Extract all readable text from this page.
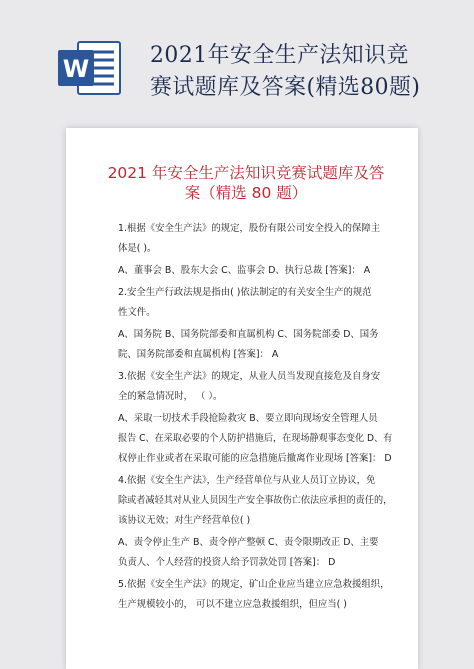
W	2021年安全生产法知识竞
赛试题库及答案(精选80题)
2021 年安全生产法知识竞赛试题库及答
案（精选 80 题）
1.根据《安全生产法》的规定，股份有限公司安全投入的保障主
体是( )。
A、董事会 B、股东大会 C、监事会 D、执行总裁 [答案]： A
2.安全生产行政法规是指由( )依法制定的有关安全生产的规范
性文件。
A、国务院 B、国务院部委和直属机构 C、国务院部委 D、国务
院、国务院部委和直属机构 [答案]： A
3.依据《安全生产法》的规定，从业人员当发现直接危及自身安
全的紧急情况时， （ ）。
A、采取一切技术手段抢险救灾 B、要立即向现场安全管理人员
报告 C、在采取必要的个人防护措施后，在现场静观事态变化 D、有
权停止作业或者在采取可能的应急措施后撤离作业现场 [答案]： D
4.依据《安全生产法》，生产经营单位与从业人员订立协议，免
除或者减轻其对从业人员因生产安全事故伤亡依法应承担的责任的，
该协议无效；对生产经营单位( )
A、责令停止生产 B、责令停产整顿 C、责令限期改正 D、主要
负责人、个人经营的投资人给予罚款处罚 [答案]： D
5.依据《安全生产法》的规定，矿山企业应当建立应急救援组织，
生产规模较小的， 可以不建立应急救援组织，但应当( )
